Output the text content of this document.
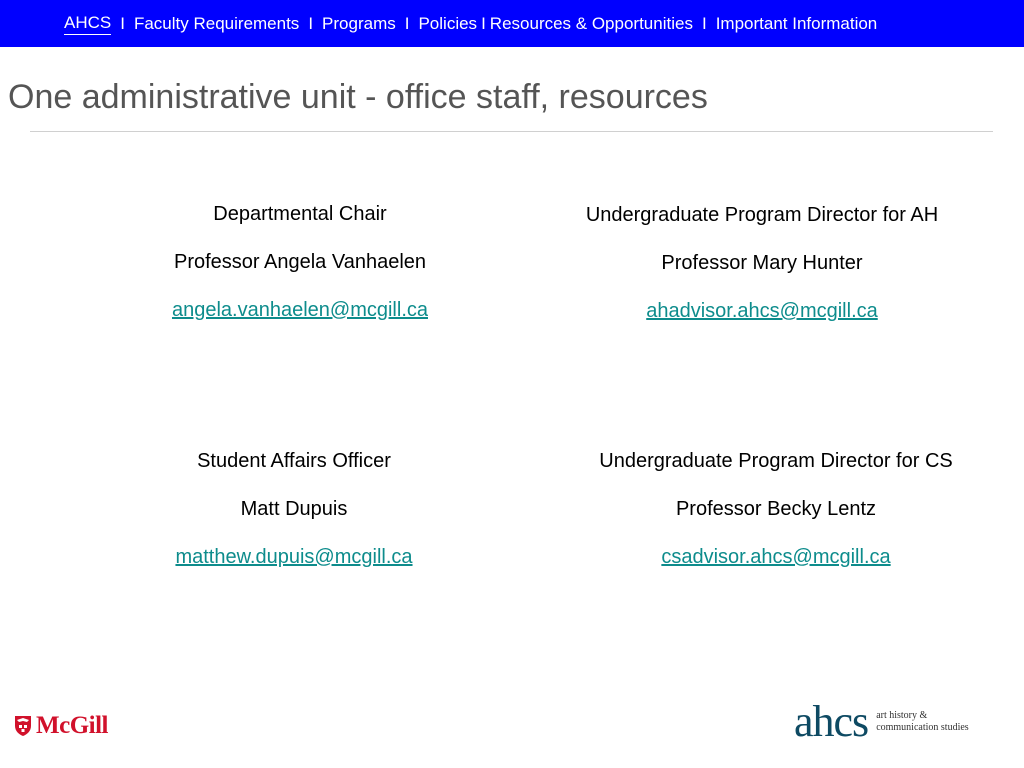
AHCS I Faculty Requirements I Programs I Policies I Resources & Opportunities I Important Information
One administrative unit - office staff, resources
Departmental Chair
Professor Angela Vanhaelen
angela.vanhaelen@mcgill.ca
Undergraduate Program Director for AH
Professor Mary Hunter
ahadvisor.ahcs@mcgill.ca
Student Affairs Officer
Matt Dupuis
matthew.dupuis@mcgill.ca
Undergraduate Program Director for CS
Professor Becky Lentz
csadvisor.ahcs@mcgill.ca
McGill	ahcs art history &
communication studies
